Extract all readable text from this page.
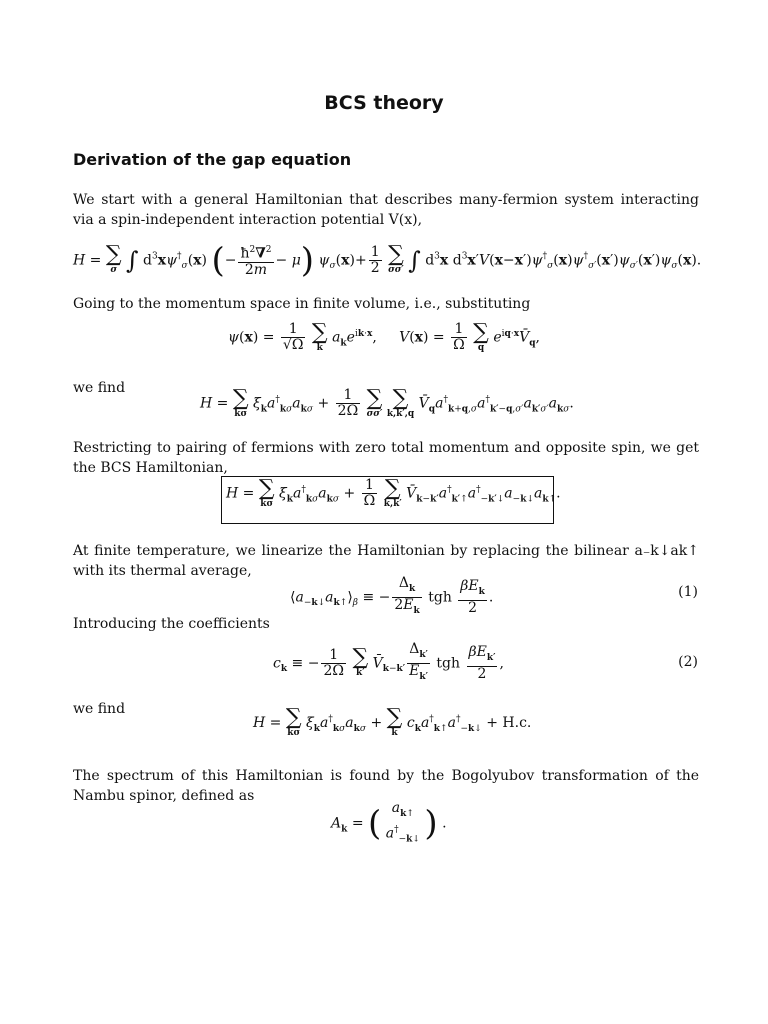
BCS theory
Derivation of the gap equation
We start with a general Hamiltonian that describes many-fermion system interacting via a spin-independent interaction potential V(x),
H = ∑
σ ∫ $d^3x\psi^\dagger_\sigma(x)$ (− $\frac{ħ^2\nabla^2}{2m} - \mu$) $\psi_\sigma(x)+ \frac{1}{2}$
∑
σσ′ ∫ $d^3x$ $d^3x'V(x-x')\psi^\dagger_\sigma(x)\psi^\dagger_{\sigma'}(x')\psi_{\sigma'}(x')\psi_\sigma(x)$.
Going to the momentum space in finite volume, i.e., substituting
$\psi(x) = \frac{1}{√\Omega}$
∑
k
$a_ke^{ik\cdot x}$,     $V(x) = \frac{1}{\Omega}$
∑
q
$e^{iq\cdot x}V̄_q$,
we find
H = ∑
kσ
$\xi_ka^\dagger_{k\sigma}a_{k\sigma} + \frac{1}{2\Omega}$
∑
σσ′

∑
k,k′,q
$V̄_qa^\dagger_{k+q,\sigma}a^\dagger_{k'-q,\sigma'}a_{k'\sigma'}a_{k\sigma}$.
Restricting to pairing of fermions with zero total momentum and opposite spin, we get the BCS Hamiltonian,
H = ∑
kσ
$\xi_ka^\dagger_{k\sigma}a_{k\sigma} + \frac{1}{\Omega}$
∑
k,k′
$V̄_{k-k'}a^\dagger_{k'↑}a^\dagger_{-k'↓}a_{-k↓}a_{k↑}$.
At finite temperature, we linearize the Hamiltonian by replacing the bilinear a₋k↓ak↑ with its thermal average,
$⟨a_{-k↓}a_{k↑}⟩_\beta$ ≡ − $\frac{\Delta_k}{2E_k}$ tgh $\frac{\beta E_k}{2}$ .	(1)
Introducing the coefficients
$c_k$ ≡ − $\frac{1}{2\Omega}$
∑
k′
$V̄_{k-k'} \frac{\Delta_{k'}}{E_{k'}}$ tgh $\frac{\beta E_{k'}}{2}$ ,	(2)
we find
H = ∑
kσ
$\xi_ka^\dagger_{k\sigma}a_{k\sigma}$ + ∑
k
$c_ka^\dagger_{k↑}a^\dagger_{-k↓} + H.c$.
The spectrum of this Hamiltonian is found by the Bogolyubov transformation of the Nambu spinor, defined as
$A_k$ = ( $a_{k↑}$
$a^\dagger_{-k↓}$ ) .
